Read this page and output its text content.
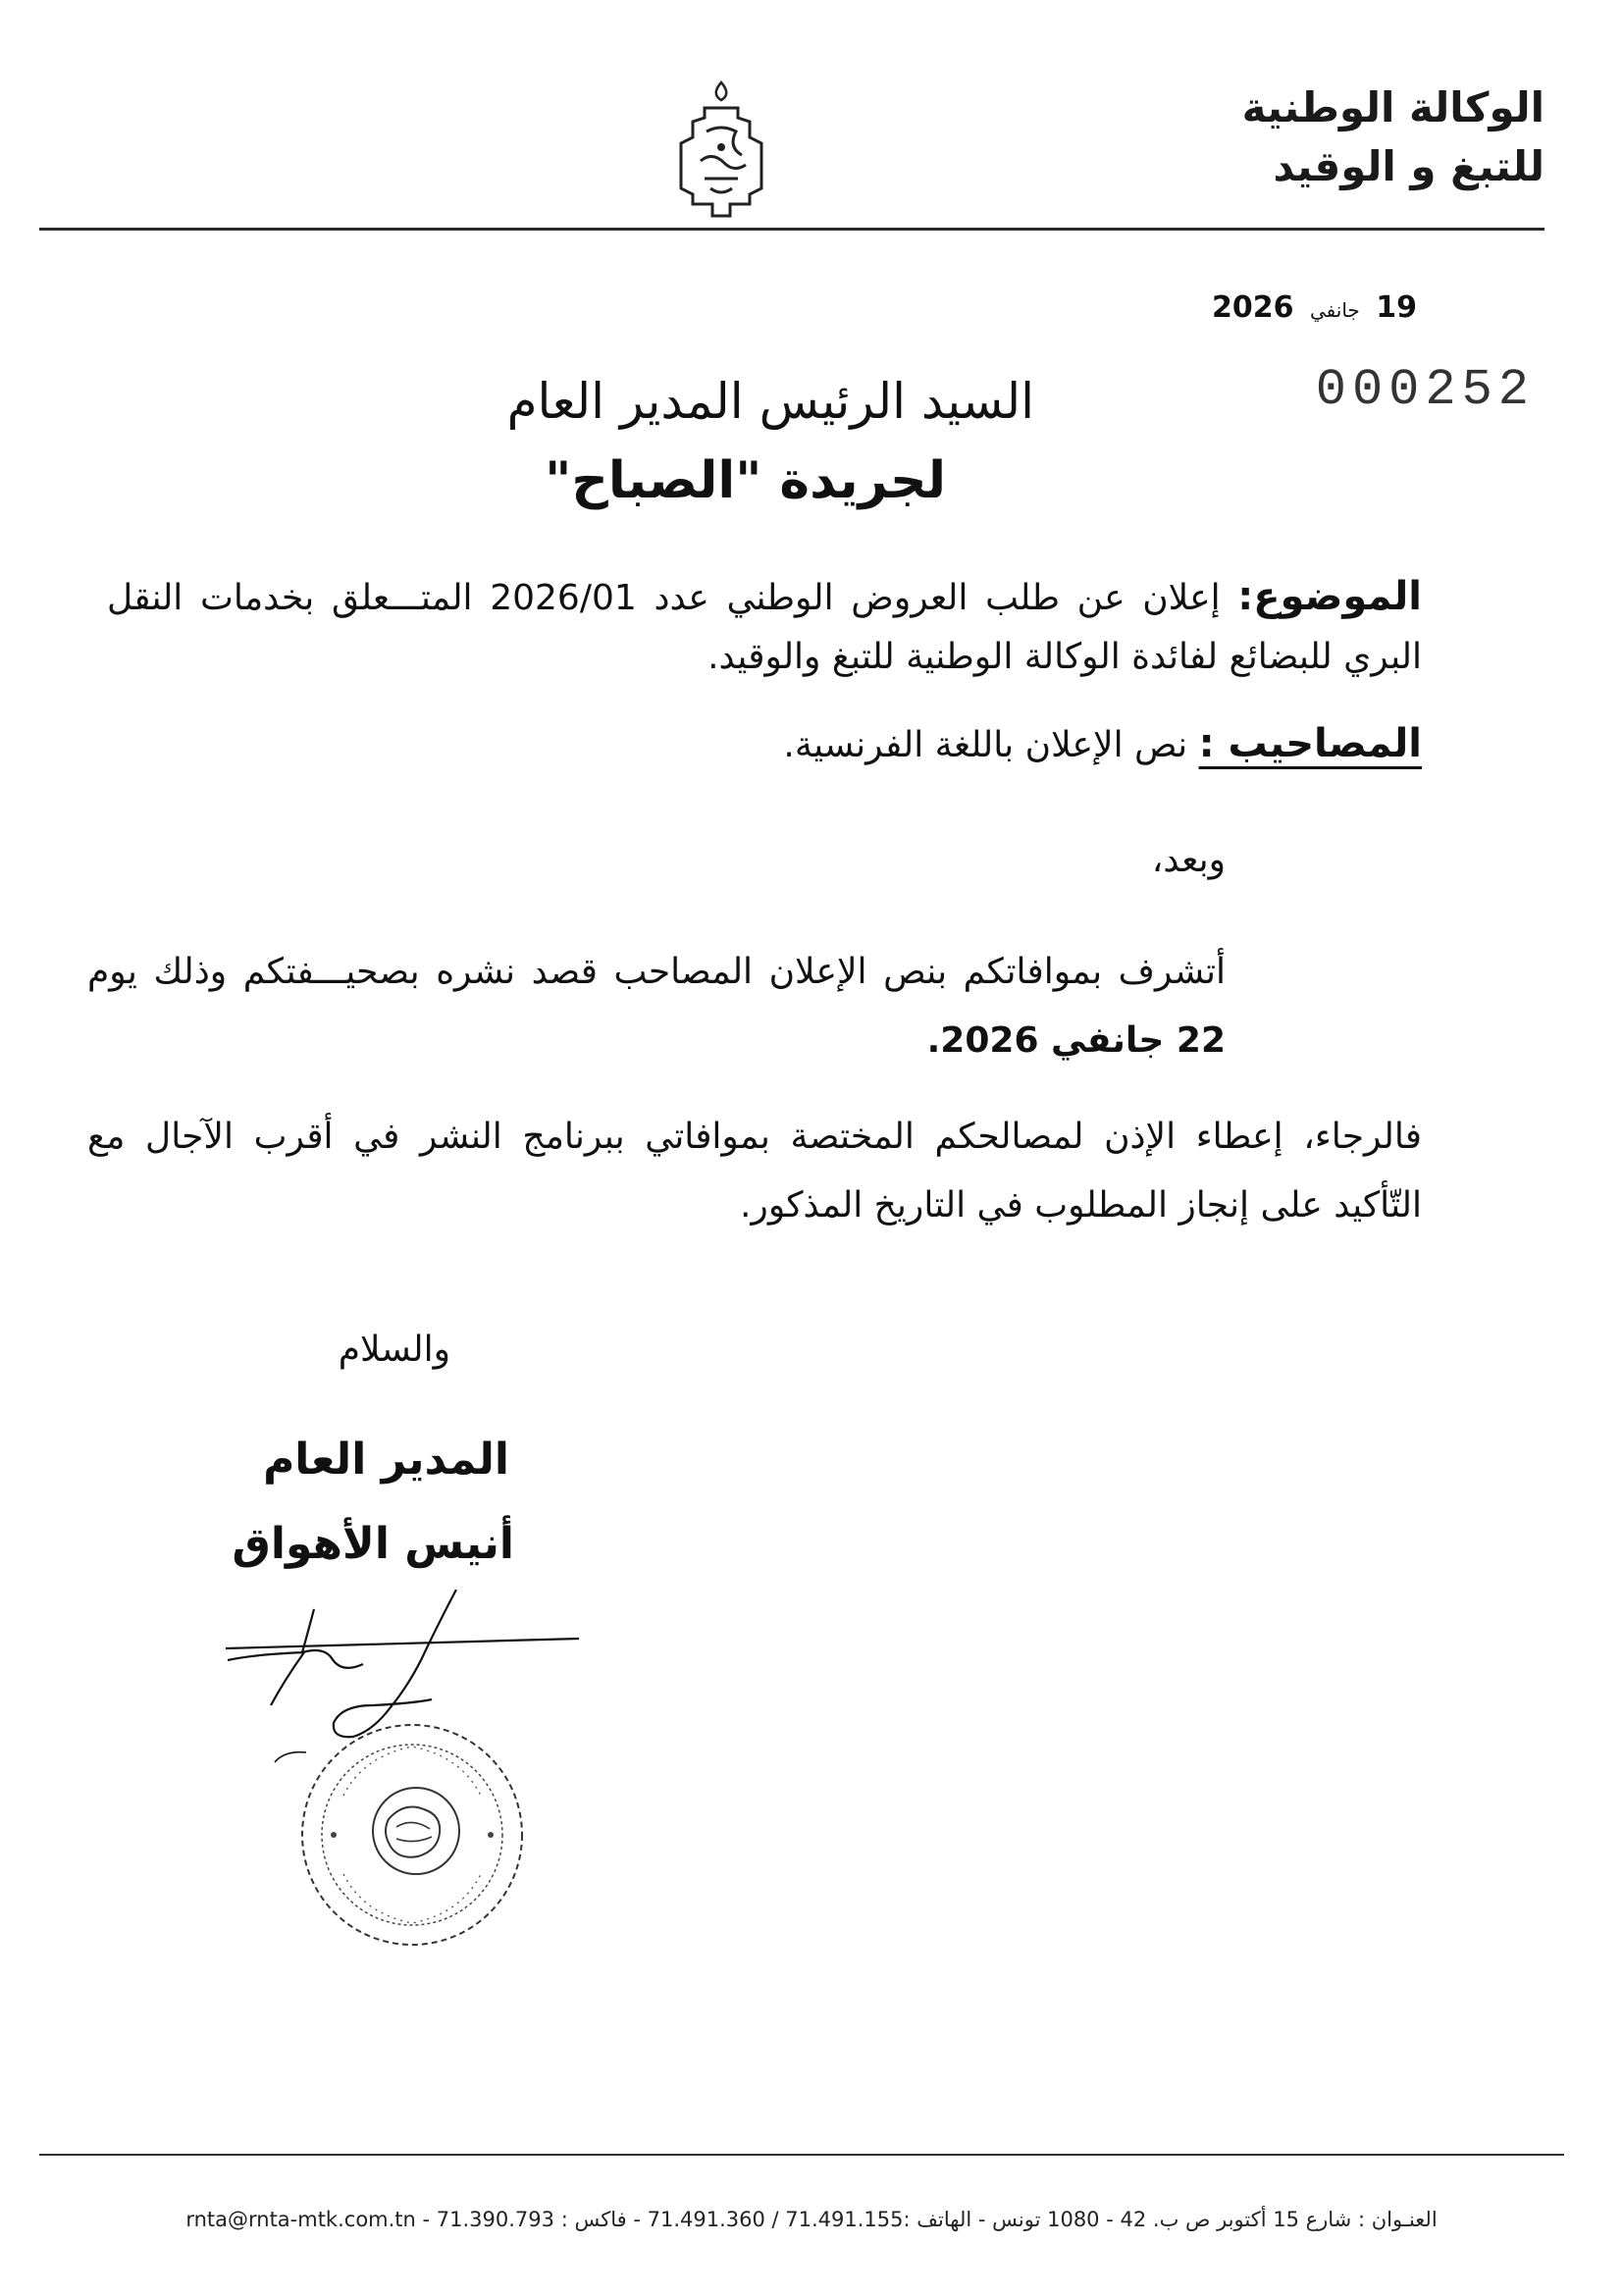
الوكالة الوطنية
للتبغ و الوقيد
19 جانفي 2026
000252
السيد الرئيس المدير العام
لجريدة "الصباح"
الموضوع: إعلان عن طلب العروض الوطني عدد 2026/01 المتـــعلق بخدمات النقل البري للبضائع لفائدة الوكالة الوطنية للتبغ والوقيد.
المصاحيب : نص الإعلان باللغة الفرنسية.
وبعد،
أتشرف بموافاتكم بنص الإعلان المصاحب قصد نشره بصحيـــفتكم وذلك يوم 22 جانفي 2026.
فالرجاء، إعطاء الإذن لمصالحكم المختصة بموافاتي ببرنامج النشر في أقرب الآجال مع التّأكيد على إنجاز المطلوب في التاريخ المذكور.
والسلام
المدير العام
أنيس الأهواق
العنـوان : شارع 15 أكتوبر ص ب. 42 - 1080 تونس - الهاتف :71.491.155 / 71.491.360 - فاكس : 71.390.793 - rnta@rnta-mtk.com.tn
